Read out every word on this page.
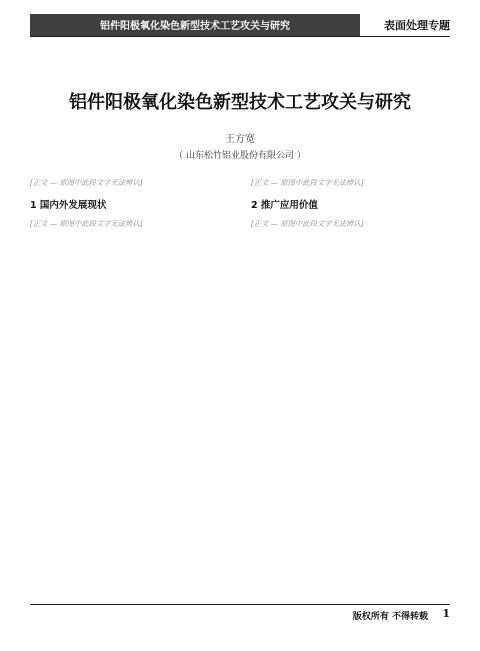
铝件阳极氧化染色新型技术工艺攻关与研究	表面处理专题
铝件阳极氧化染色新型技术工艺攻关与研究
王方宽
（ 山东松竹铝业股份有限公司 ）

[正文 — 原图中此段文字无法辨认]

1 国内外发展现状

[正文 — 原图中此段文字无法辨认]

[正文 — 原图中此段文字无法辨认]

2 推广应用价值

[正文 — 原图中此段文字无法辨认]

版权所有 不得转载 1
